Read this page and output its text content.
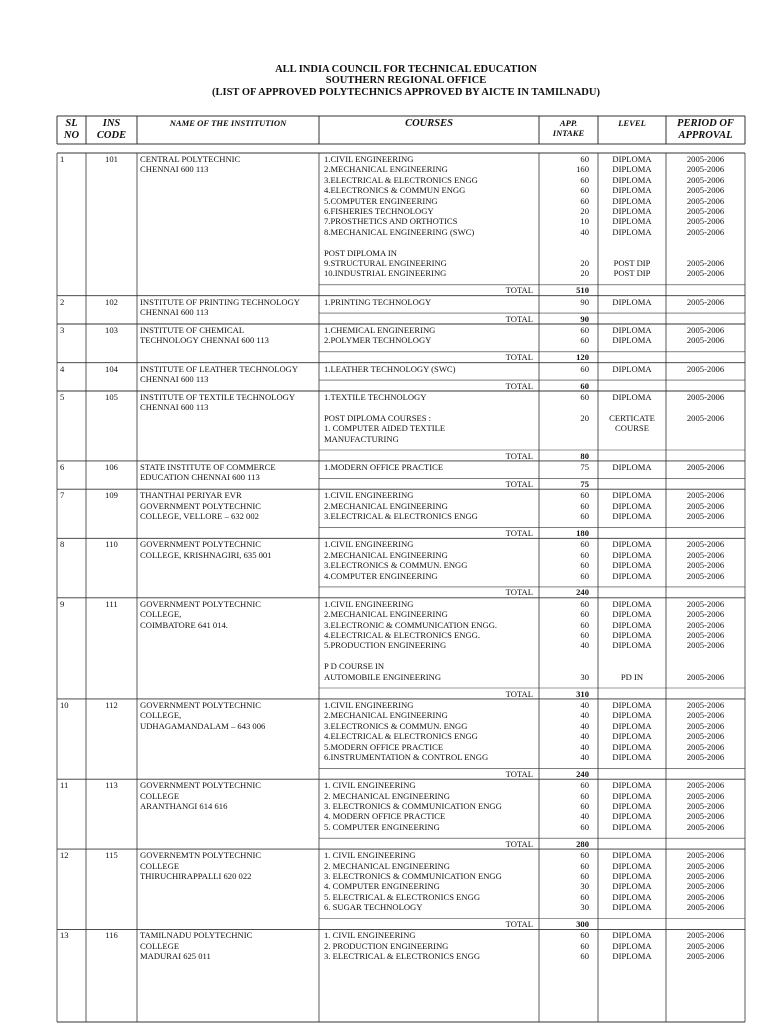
ALL INDIA COUNCIL FOR TECHNICAL EDUCATION
SOUTHERN REGIONAL OFFICE
(LIST OF APPROVED POLYTECHNICS APPROVED BY AICTE IN TAMILNADU)
SL
NO
INS
CODE
NAME OF THE INSTITUTION	COURSES	APP.
INTAKE
LEVEL	PERIOD OF
APPROVAL
1	101	CENTRAL POLYTECHNIC
CHENNAI 600 113
1.CIVIL ENGINEERING	60	DIPLOMA	2005-2006
2.MECHANICAL ENGINEERING	160	DIPLOMA	2005-2006
3.ELECTRICAL & ELECTRONICS ENGG	60	DIPLOMA	2005-2006
4.ELECTRONICS & COMMUN ENGG	60	DIPLOMA	2005-2006
5.COMPUTER ENGINEERING	60	DIPLOMA	2005-2006
6.FISHERIES TECHNOLOGY	20	DIPLOMA	2005-2006
7.PROSTHETICS AND ORTHOTICS	10	DIPLOMA	2005-2006
8.MECHANICAL ENGINEERING (SWC)	40	DIPLOMA	2005-2006
POST DIPLOMA IN
9.STRUCTURAL ENGINEERING	20	POST DIP	2005-2006
10.INDUSTRIAL ENGINEERING	20	POST DIP	2005-2006
TOTAL	510
2	102	INSTITUTE OF PRINTING TECHNOLOGY
CHENNAI 600 113
1.PRINTING TECHNOLOGY	90	DIPLOMA	2005-2006
TOTAL	90
3	103	INSTITUTE OF CHEMICAL
TECHNOLOGY CHENNAI 600 113
1.CHEMICAL ENGINEERING	60	DIPLOMA	2005-2006
2.POLYMER TECHNOLOGY	60	DIPLOMA	2005-2006
TOTAL	120
4	104	INSTITUTE OF LEATHER TECHNOLOGY
CHENNAI 600 113
1.LEATHER TECHNOLOGY (SWC)	60	DIPLOMA	2005-2006
TOTAL	60
5	105	INSTITUTE OF TEXTILE TECHNOLOGY
CHENNAI 600 113
1.TEXTILE TECHNOLOGY	60	DIPLOMA	2005-2006
POST DIPLOMA COURSES :	20	CERTICATE	2005-2006
1. COMPUTER AIDED TEXTILE	COURSE
MANUFACTURING
TOTAL	80
6	106	STATE INSTITUTE OF COMMERCE
EDUCATION CHENNAI 600 113
1.MODERN OFFICE PRACTICE	75	DIPLOMA	2005-2006
TOTAL	75
7	109	THANTHAI PERIYAR EVR
GOVERNMENT POLYTECHNIC
COLLEGE, VELLORE – 632 002
1.CIVIL ENGINEERING	60	DIPLOMA	2005-2006
2.MECHANICAL ENGINEERING	60	DIPLOMA	2005-2006
3.ELECTRICAL & ELECTRONICS ENGG	60	DIPLOMA	2005-2006
TOTAL	180
8	110	GOVERNMENT POLYTECHNIC
COLLEGE, KRISHNAGIRI, 635 001
1.CIVIL ENGINEERING	60	DIPLOMA	2005-2006
2.MECHANICAL ENGINEERING	60	DIPLOMA	2005-2006
3.ELECTRONICS & COMMUN. ENGG	60	DIPLOMA	2005-2006
4.COMPUTER ENGINEERING	60	DIPLOMA	2005-2006
TOTAL	240
9	111	GOVERNMENT POLYTECHNIC
COLLEGE,
COIMBATORE 641 014.
1.CIVIL ENGINEERING	60	DIPLOMA	2005-2006
2.MECHANICAL ENGINEERING	60	DIPLOMA	2005-2006
3.ELECTRONIC & COMMUNICATION ENGG.	60	DIPLOMA	2005-2006
4.ELECTRICAL & ELECTRONICS ENGG.	60	DIPLOMA	2005-2006
5.PRODUCTION ENGINEERING	40	DIPLOMA	2005-2006
P D COURSE IN
AUTOMOBILE ENGINEERING	30	PD IN	2005-2006
TOTAL	310
10	112	GOVERNMENT POLYTECHNIC
COLLEGE,
UDHAGAMANDALAM – 643 006
1.CIVIL ENGINEERING	40	DIPLOMA	2005-2006
2.MECHANICAL ENGINEERING	40	DIPLOMA	2005-2006
3.ELECTRONICS & COMMUN. ENGG	40	DIPLOMA	2005-2006
4.ELECTRICAL & ELECTRONICS ENGG	40	DIPLOMA	2005-2006
5.MODERN OFFICE PRACTICE	40	DIPLOMA	2005-2006
6.INSTRUMENTATION & CONTROL ENGG	40	DIPLOMA	2005-2006
TOTAL	240
11	113	GOVERNMENT POLYTECHNIC
COLLEGE
ARANTHANGI 614 616
1. CIVIL ENGINEERING	60	DIPLOMA	2005-2006
2. MECHANICAL ENGINEERING	60	DIPLOMA	2005-2006
3. ELECTRONICS & COMMUNICATION ENGG	60	DIPLOMA	2005-2006
4. MODERN OFFICE PRACTICE	40	DIPLOMA	2005-2006
5. COMPUTER ENGINEERING	60	DIPLOMA	2005-2006
TOTAL	280
12	115	GOVERNEMTN POLYTECHNIC
COLLEGE
THIRUCHIRAPPALLI 620 022
1. CIVIL ENGINEERING	60	DIPLOMA	2005-2006
2. MECHANICAL ENGINEERING	60	DIPLOMA	2005-2006
3. ELECTRONICS & COMMUNICATION ENGG	60	DIPLOMA	2005-2006
4. COMPUTER ENGINEERING	30	DIPLOMA	2005-2006
5. ELECTRICAL & ELECTRONICS ENGG	60	DIPLOMA	2005-2006
6. SUGAR TECHNOLOGY	30	DIPLOMA	2005-2006
TOTAL	300
13	116	TAMILNADU POLYTECHNIC
COLLEGE
MADURAI 625 011
1. CIVIL ENGINEERING	60	DIPLOMA	2005-2006
2. PRODUCTION ENGINEERING	60	DIPLOMA	2005-2006
3. ELECTRICAL & ELECTRONICS ENGG	60	DIPLOMA	2005-2006
